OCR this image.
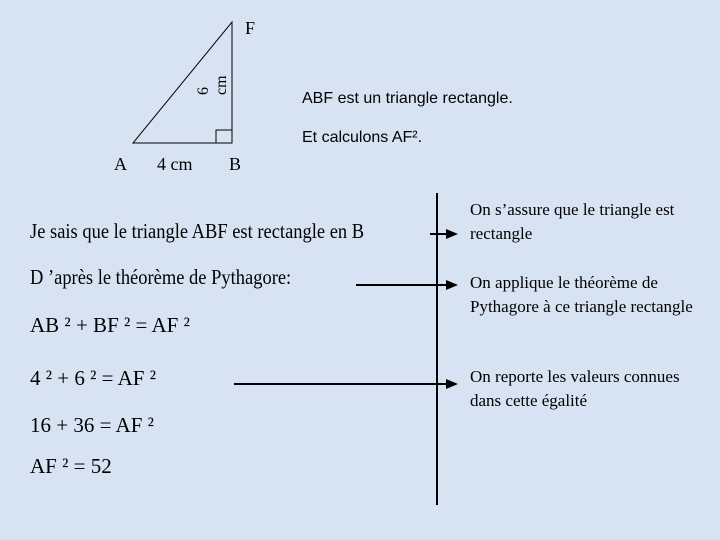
F
A 4 cm B
6 cm
ABF est un triangle rectangle.
Et calculons AF².
Je sais que le triangle ABF est rectangle en B
D ’après le théorème de Pythagore:
AB ² + BF ² = AF ²
4 ² + 6 ² = AF ²
16 + 36 = AF ²
AF ² = 52
On s’assure que le triangle est rectangle
On applique le théorème de Pythagore à ce triangle rectangle
On reporte les valeurs connues dans cette égalité
